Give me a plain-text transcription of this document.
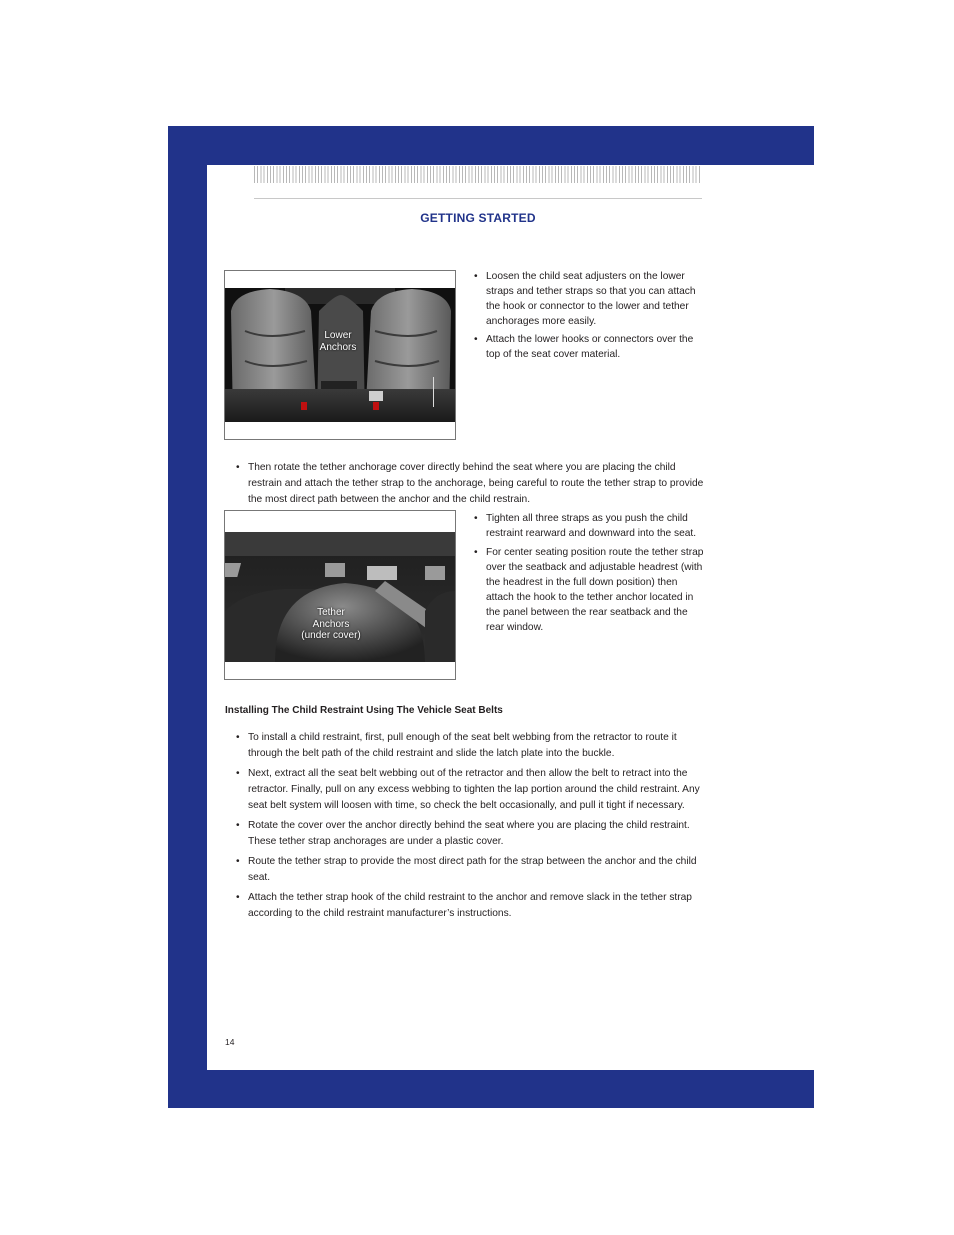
GETTING STARTED
Lower
Anchors
• Loosen the child seat adjusters on the lower straps and tether straps so that you can attach the hook or connector to the lower and tether anchorages more easily.
• Attach the lower hooks or connectors over the top of the seat cover material.
• Then rotate the tether anchorage cover directly behind the seat where you are placing the child restrain and attach the tether strap to the anchorage, being careful to route the tether strap to provide the most direct path between the anchor and the child restrain.
Tether
Anchors
(under cover)
• Tighten all three straps as you push the child restraint rearward and downward into the seat.
• For center seating position route the tether strap over the seatback and adjustable headrest (with the headrest in the full down position) then attach the hook to the tether anchor located in the panel between the rear seatback and the rear window.
Installing The Child Restraint Using The Vehicle Seat Belts
• To install a child restraint, first, pull enough of the seat belt webbing from the retractor to route it through the belt path of the child restraint and slide the latch plate into the buckle.
• Next, extract all the seat belt webbing out of the retractor and then allow the belt to retract into the retractor. Finally, pull on any excess webbing to tighten the lap portion around the child restraint. Any seat belt system will loosen with time, so check the belt occasionally, and pull it tight if necessary.
• Rotate the cover over the anchor directly behind the seat where you are placing the child restraint. These tether strap anchorages are under a plastic cover.
• Route the tether strap to provide the most direct path for the strap between the anchor and the child seat.
• Attach the tether strap hook of the child restraint to the anchor and remove slack in the tether strap according to the child restraint manufacturer’s instructions.
14
